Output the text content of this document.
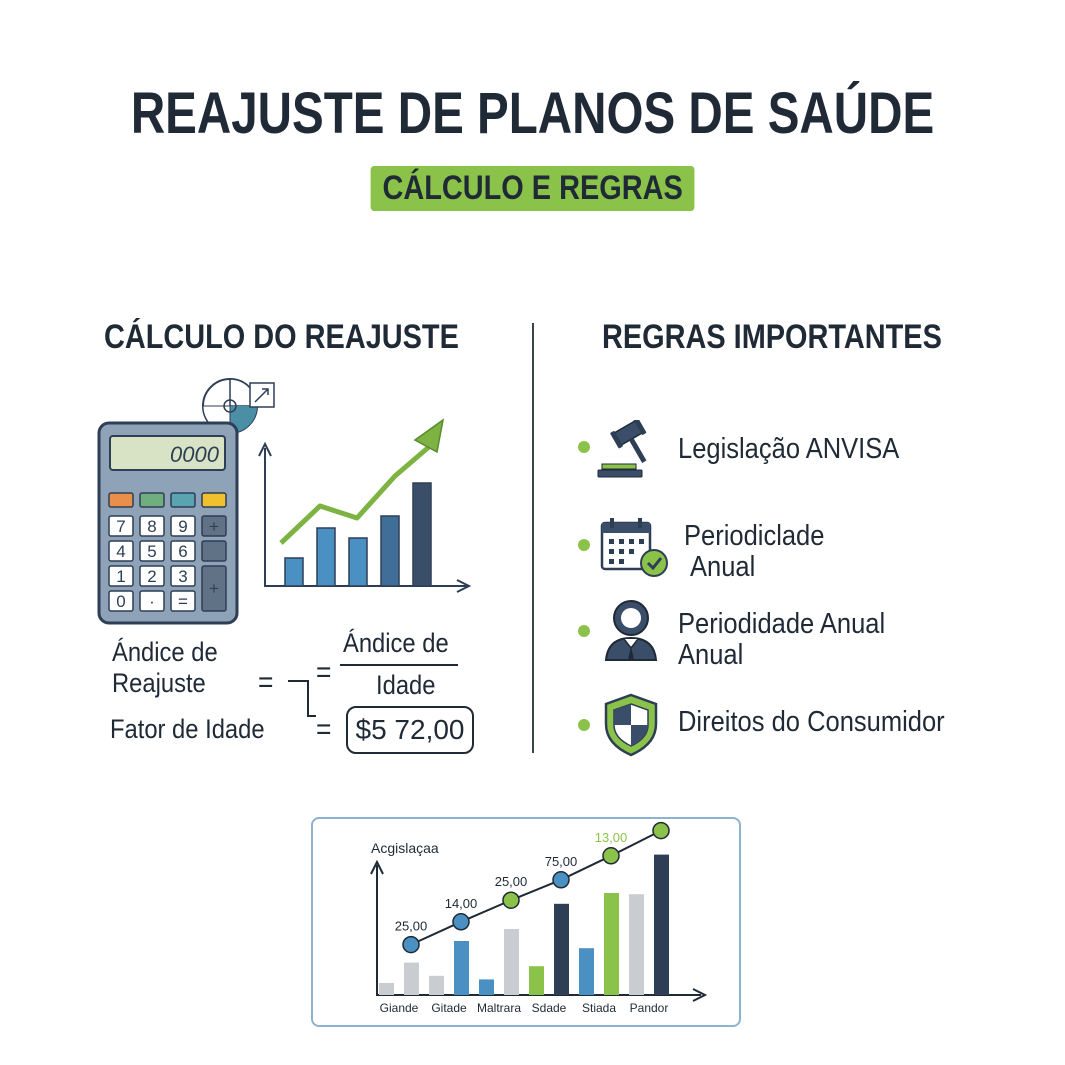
REAJUSTE DE PLANOS DE SAÚDE
CÁLCULO E REGRAS
CÁLCULO DO REAJUSTE	REGRAS IMPORTANTES
0000
7 8 9 +
4 5 6
1 2 3
+
0 · =
Ándice de
Reajuste
Fator de Idade
= =
=
Ándice de
Idade
$5 72,00
Legislação ANVISA
Periodiclade
Anual
Periodidade Anual
Anual
Direitos do Consumidor
Acgislaçaa
Giande Gitade Maltrara Sdade Stiada Pandor
25,00
14,00
25,00
75,00
13,00
